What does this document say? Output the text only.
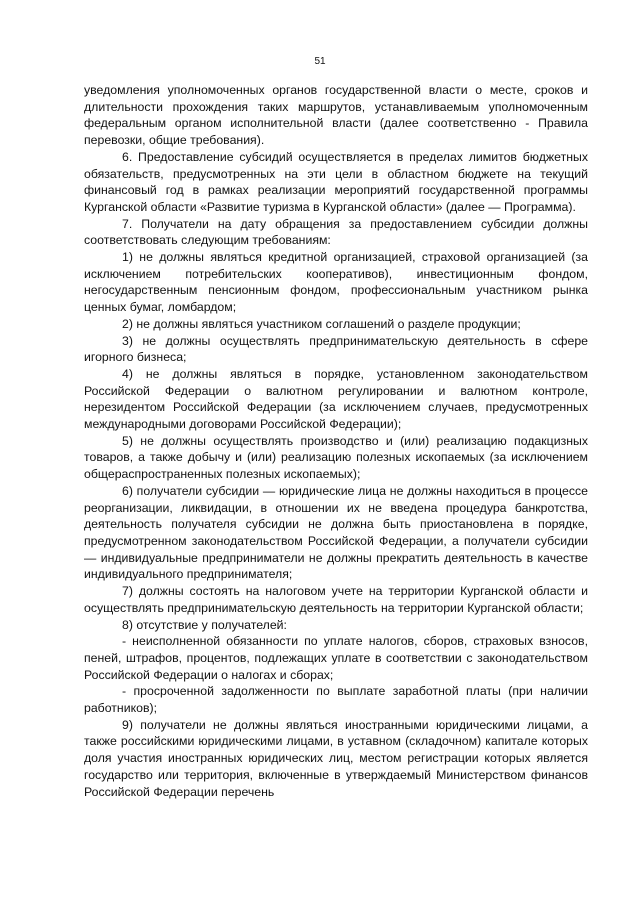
51

уведомления уполномоченных органов государственной власти о месте, сроков и длительности прохождения таких маршрутов, устанавливаемым уполномоченным федеральным органом исполнительной власти (далее соответственно - Правила перевозки, общие требования).

6. Предоставление субсидий осуществляется в пределах лимитов бюджетных обязательств, предусмотренных на эти цели в областном бюджете на текущий финансовый год в рамках реализации мероприятий государственной программы Курганской области «Развитие туризма в Курганской области» (далее — Программа).

7. Получатели на дату обращения за предоставлением субсидии должны соответствовать следующим требованиям:

1) не должны являться кредитной организацией, страховой организацией (за исключением потребительских кооперативов), инвестиционным фондом, негосударственным пенсионным фондом, профессиональным участником рынка ценных бумаг, ломбардом;

2) не должны являться участником соглашений о разделе продукции;

3) не должны осуществлять предпринимательскую деятельность в сфере игорного бизнеса;

4) не должны являться в порядке, установленном законодательством Российской Федерации о валютном регулировании и валютном контроле, нерезидентом Российской Федерации (за исключением случаев, предусмотренных международными договорами Российской Федерации);

5) не должны осуществлять производство и (или) реализацию подакцизных товаров, а также добычу и (или) реализацию полезных ископаемых (за исключением общераспространенных полезных ископаемых);

6) получатели субсидии — юридические лица не должны находиться в процессе реорганизации, ликвидации, в отношении их не введена процедура банкротства, деятельность получателя субсидии не должна быть приостановлена в порядке, предусмотренном законодательством Российской Федерации, а получатели субсидии — индивидуальные предприниматели не должны прекратить деятельность в качестве индивидуального предпринимателя;

7) должны состоять на налоговом учете на территории Курганской области и осуществлять предпринимательскую деятельность на территории Курганской области;

8) отсутствие у получателей:

- неисполненной обязанности по уплате налогов, сборов, страховых взносов, пеней, штрафов, процентов, подлежащих уплате в соответствии с законодательством Российской Федерации о налогах и сборах;

- просроченной задолженности по выплате заработной платы (при наличии работников);

9) получатели не должны являться иностранными юридическими лицами, а также российскими юридическими лицами, в уставном (складочном) капитале которых доля участия иностранных юридических лиц, местом регистрации которых является государство или территория, включенные в утверждаемый Министерством финансов Российской Федерации перечень
